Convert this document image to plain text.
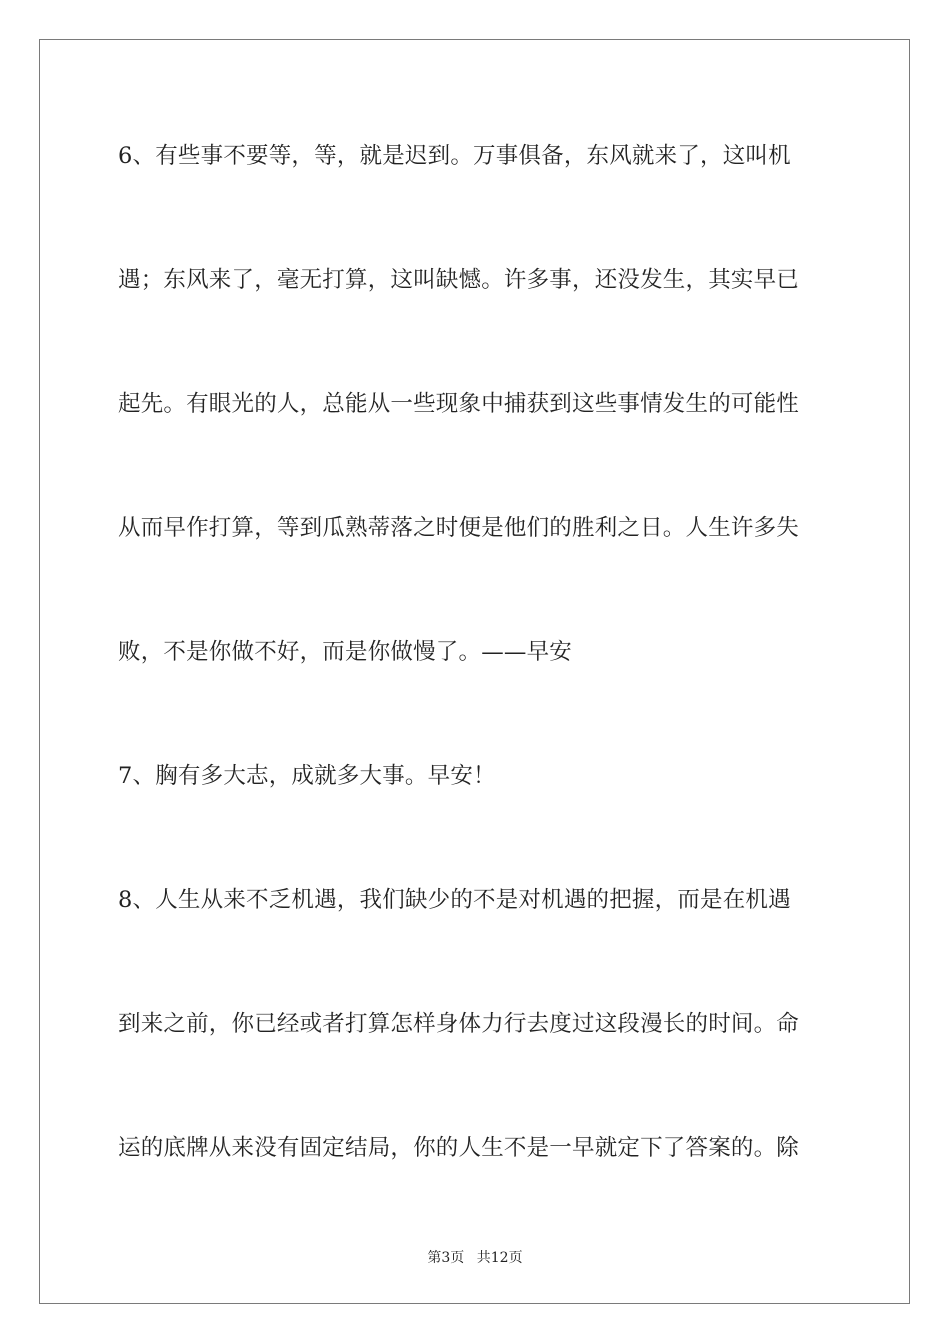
6、有些事不要等，等，就是迟到。万事俱备，东风就来了，这叫机
遇；东风来了，毫无打算，这叫缺憾。许多事，还没发生，其实早已
起先。有眼光的人，总能从一些现象中捕获到这些事情发生的可能性
从而早作打算，等到瓜熟蒂落之时便是他们的胜利之日。人生许多失
败，不是你做不好，而是你做慢了。——早安
7、胸有多大志，成就多大事。早安！
8、人生从来不乏机遇，我们缺少的不是对机遇的把握，而是在机遇
到来之前，你已经或者打算怎样身体力行去度过这段漫长的时间。命
运的底牌从来没有固定结局，你的人生不是一早就定下了答案的。除
第3页 共12页
